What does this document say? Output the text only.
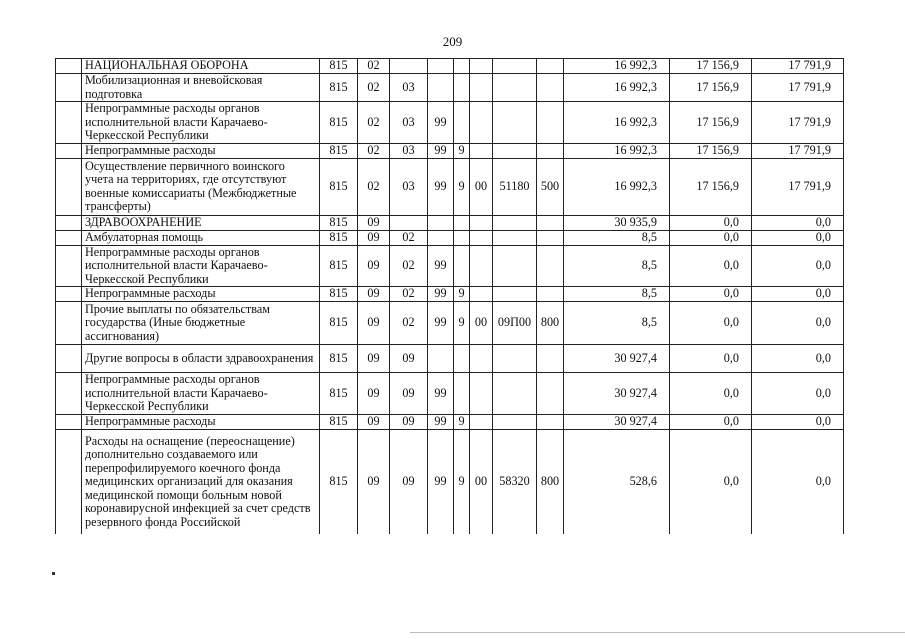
209
	НАЦИОНАЛЬНАЯ ОБОРОНА	815	02							16 992,3	17 156,9	17 791,9
	Мобилизационная и вневойсковая подготовка	815	02	03						16 992,3	17 156,9	17 791,9
	Непрограммные расходы органов исполнительной власти Карачаево-Черкесской Республики	815	02	03	99					16 992,3	17 156,9	17 791,9
	Непрограммные расходы	815	02	03	99	9				16 992,3	17 156,9	17 791,9
	Осуществление первичного воинского учета на территориях, где отсутствуют военные комиссариаты (Межбюджетные трансферты)	815	02	03	99	9	00	51180	500	16 992,3	17 156,9	17 791,9
	ЗДРАВООХРАНЕНИЕ	815	09							30 935,9	0,0	0,0
	Амбулаторная помощь	815	09	02						8,5	0,0	0,0
	Непрограммные расходы органов исполнительной власти Карачаево-Черкесской Республики	815	09	02	99					8,5	0,0	0,0
	Непрограммные расходы	815	09	02	99	9				8,5	0,0	0,0
	Прочие выплаты по обязательствам государства (Иные бюджетные ассигнования)	815	09	02	99	9	00	09П00	800	8,5	0,0	0,0
	Другие вопросы в области здравоохранения	815	09	09						30 927,4	0,0	0,0
	Непрограммные расходы органов исполнительной власти Карачаево-Черкесской Республики	815	09	09	99					30 927,4	0,0	0,0
	Непрограммные расходы	815	09	09	99	9				30 927,4	0,0	0,0
	Расходы на оснащение (переоснащение) дополнительно создаваемого или перепрофилируемого коечного фонда медицинских организаций для оказания медицинской помощи больным новой коронавирусной инфекцией за счет средств резервного фонда Российской	815	09	09	99	9	00	58320	800	528,6	0,0	0,0
